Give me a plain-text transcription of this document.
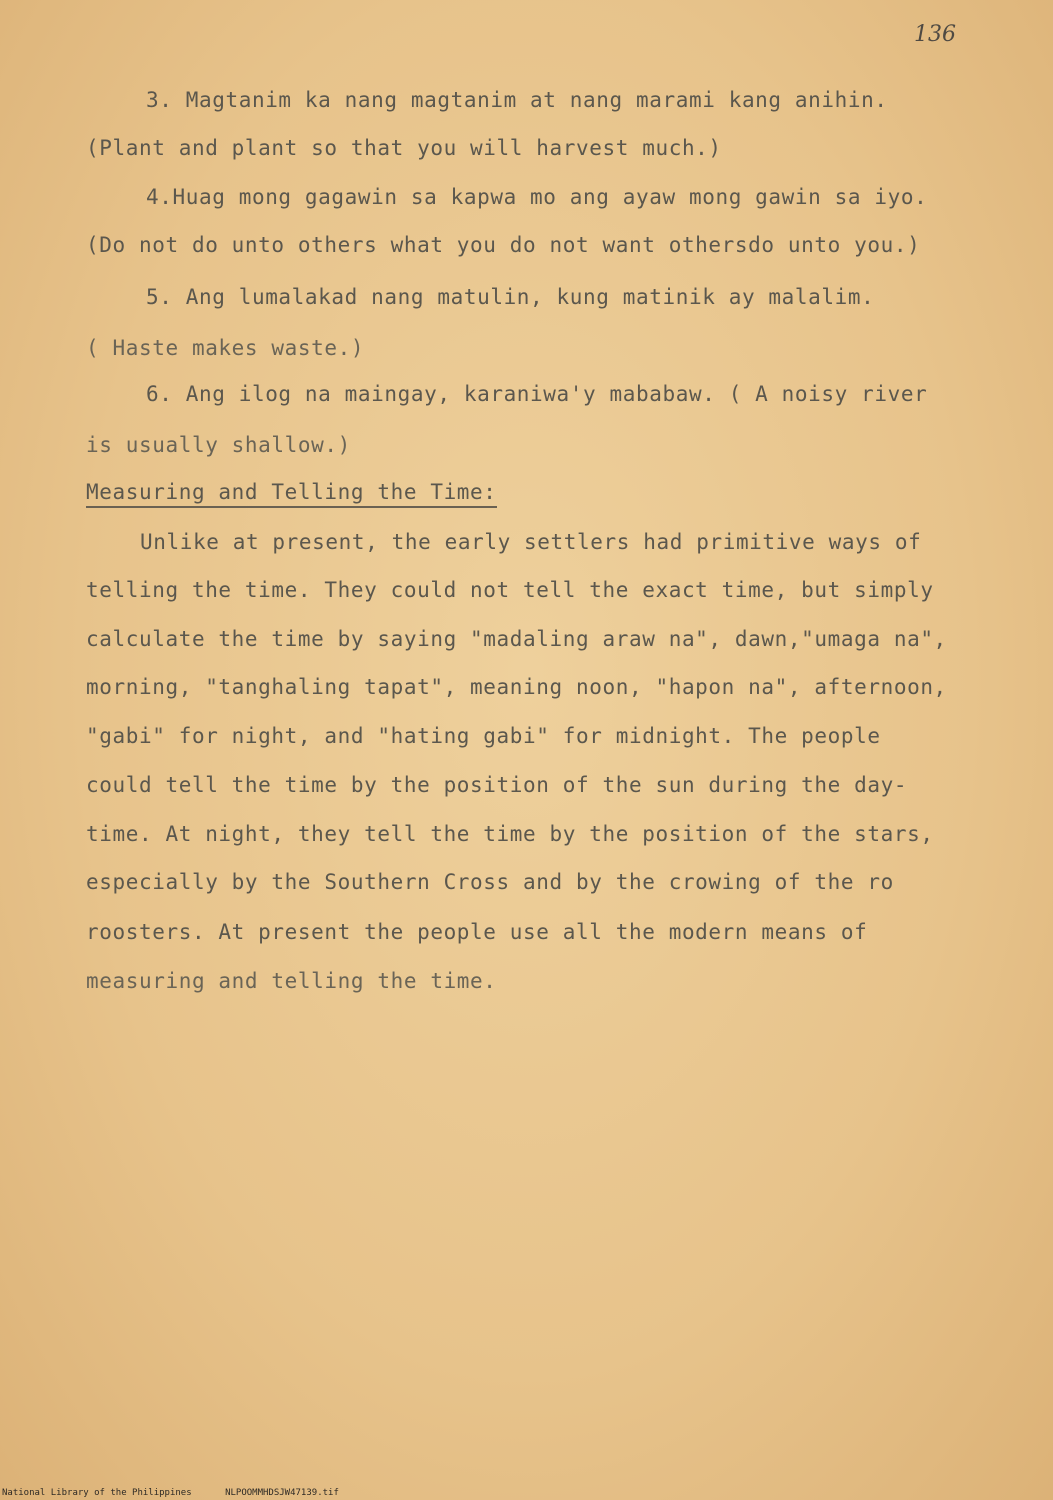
136
3. Magtanim ka nang magtanim at nang marami kang anihin.
(Plant and plant so that you will harvest much.)
4.Huag mong gagawin sa kapwa mo ang ayaw mong gawin sa iyo.
(Do not do unto others what you do not want othersdo unto you.)
5. Ang lumalakad nang matulin, kung matinik ay malalim.
( Haste makes waste.)
6. Ang ilog na maingay, karaniwa'y mababaw. ( A noisy river
is usually shallow.)
Measuring and Telling the Time:
Unlike at present, the early settlers had primitive ways of
telling the time. They could not tell the exact time, but simply
calculate the time by saying "madaling araw na", dawn,"umaga na",
morning, "tanghaling tapat", meaning noon, "hapon na", afternoon,
"gabi" for night, and "hating gabi" for midnight. The people
could tell the time by the position of the sun during the day-
time. At night, they tell the time by the position of the stars,
especially by the Southern Cross and by the crowing of the ro
roosters. At present the people use all the modern means of
measuring and telling the time.
National Library of the Philippines	NLPOOMMHDSJW47139.tif
